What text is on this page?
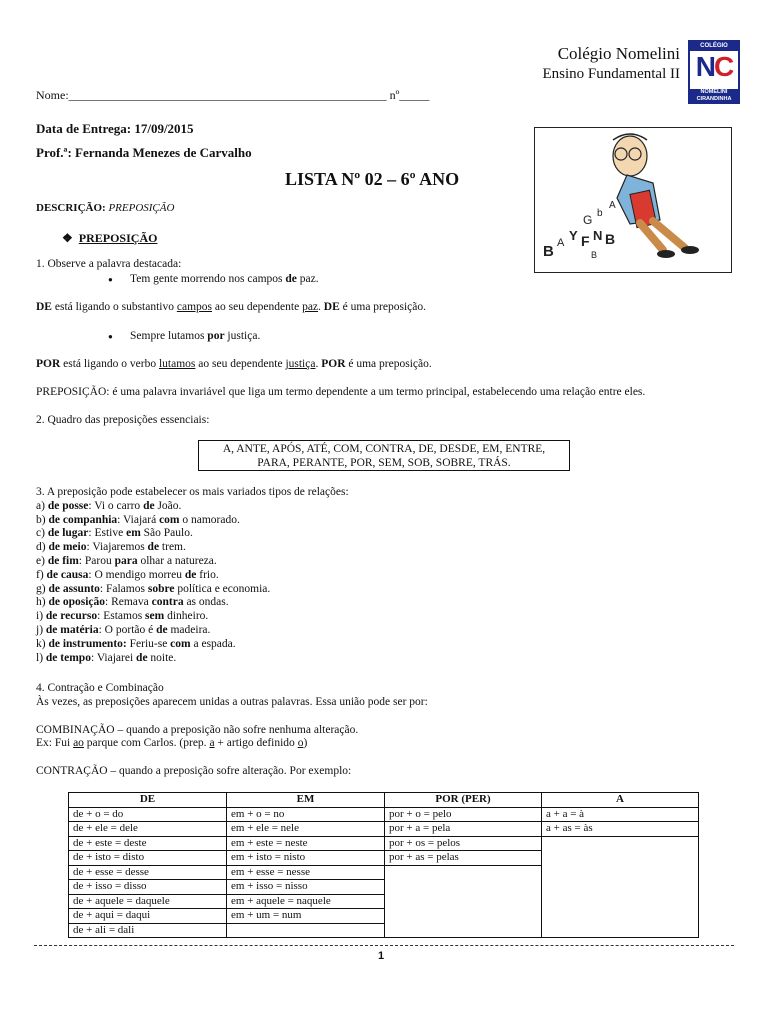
Colégio Nomelini
Ensino Fundamental II
COLÉGIO
NC
NOMELINI
CIRANDINHA
Nome:_____________________________________________________ nº_____
Data de Entrega: 17/09/2015
Prof.ª: Fernanda Menezes de Carvalho
LISTA Nº 02 – 6º ANO
DESCRIÇÃO: PREPOSIÇÃO
B A Y F N B
G b
A
B
❖ PREPOSIÇÃO
1. Observe a palavra destacada:
● Tem gente morrendo nos campos de paz.
DE está ligando o substantivo campos ao seu dependente paz. DE é uma preposição.
● Sempre lutamos por justiça.
POR está ligando o verbo lutamos ao seu dependente justiça. POR é uma preposição.
PREPOSIÇÃO: é uma palavra invariável que liga um termo dependente a um termo principal, estabelecendo uma relação entre eles.
2. Quadro das preposições essenciais:
A, ANTE, APÓS, ATÉ, COM, CONTRA, DE, DESDE, EM, ENTRE,
PARA, PERANTE, POR, SEM, SOB, SOBRE, TRÁS.
3. A preposição pode estabelecer os mais variados tipos de relações:
a) de posse: Vi o carro de João.
b) de companhia: Viajará com o namorado.
c) de lugar: Estive em São Paulo.
d) de meio: Viajaremos de trem.
e) de fim: Parou para olhar a natureza.
f) de causa: O mendigo morreu de frio.
g) de assunto: Falamos sobre política e economia.
h) de oposição: Remava contra as ondas.
i) de recurso: Estamos sem dinheiro.
j) de matéria: O portão é de madeira.
k) de instrumento: Feriu-se com a espada.
l) de tempo: Viajarei de noite.
4. Contração e Combinação
Às vezes, as preposições aparecem unidas a outras palavras. Essa união pode ser por:
COMBINAÇÃO – quando a preposição não sofre nenhuma alteração.
Ex: Fui ao parque com Carlos. (prep. a + artigo definido o)
CONTRAÇÃO – quando a preposição sofre alteração. Por exemplo:
DE	EM	POR (PER)	A
de + o = do	em + o = no	por + o = pelo	a + a = à
de + ele = dele	em + ele = nele	por + a = pela	a + as = às
de + este = deste	em + este = neste	por + os = pelos	
de + isto = disto	em + isto = nisto	por + as = pelas	
de + esse = desse	em + esse = nesse		
de + isso = disso	em + isso = nisso		
de + aquele = daquele	em + aquele = naquele		
de + aqui = daqui	em + um = num		
de + ali = dali			
1
